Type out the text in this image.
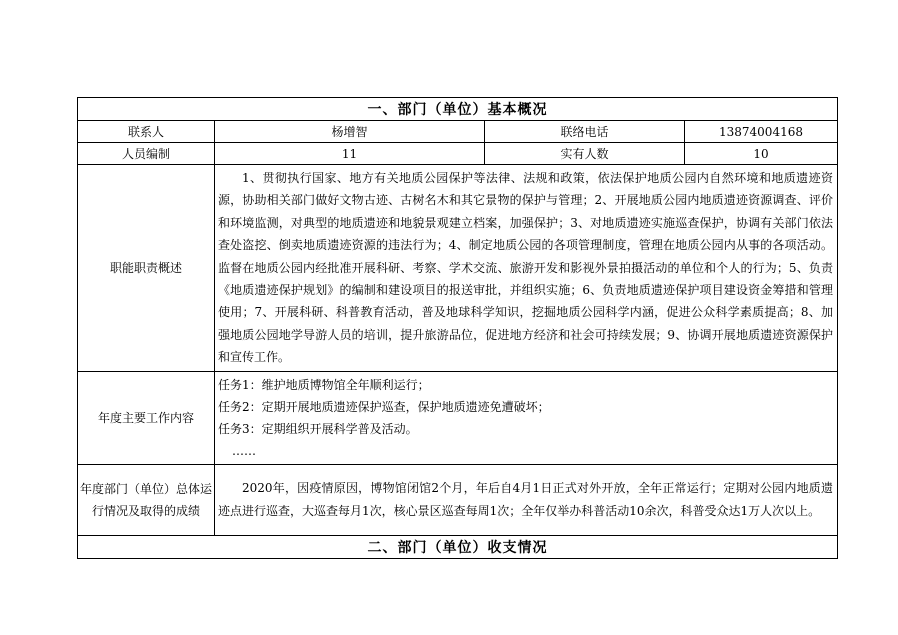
一、部门（单位）基本概况			
联系人	杨增智	联络电话	13874004168
人员编制	11	实有人数	10
职能职责概述	1、贯彻执行国家、地方有关地质公园保护等法律、法规和政策，依法保护地质公园内自然环境和地质遗迹资源，协助相关部门做好文物古迹、古树名木和其它景物的保护与管理；2、开展地质公园内地质遗迹资源调查、评价和环境监测，对典型的地质遗迹和地貌景观建立档案，加强保护；3、对地质遗迹实施巡查保护，协调有关部门依法查处盗挖、倒卖地质遗迹资源的违法行为；4、制定地质公园的各项管理制度，管理在地质公园内从事的各项活动。监督在地质公园内经批准开展科研、考察、学术交流、旅游开发和影视外景拍摄活动的单位和个人的行为；5、负责《地质遗迹保护规划》的编制和建设项目的报送审批，并组织实施；6、负责地质遗迹保护项目建设资金筹措和管理使用；7、开展科研、科普教育活动，普及地球科学知识，挖掘地质公园科学内涵，促进公众科学素质提高；8、加强地质公园地学导游人员的培训，提升旅游品位，促进地方经济和社会可持续发展；9、协调开展地质遗迹资源保护和宣传工作。		
年度主要工作内容	任务1：维护地质博物馆全年顺利运行；
任务2：定期开展地质遗迹保护巡查，保护地质遗迹免遭破坏；
任务3：定期组织开展科学普及活动。
……		

年度部门（单位）总体运行情况及取得的成绩	2020年，因疫情原因，博物馆闭馆2个月，年后自4月1日正式对外开放，全年正常运行；定期对公园内地质遗迹点进行巡查，大巡查每月1次，核心景区巡查每周1次；全年仅举办科普活动10余次，科普受众达1万人次以上。		
二、部门（单位）收支情况			
